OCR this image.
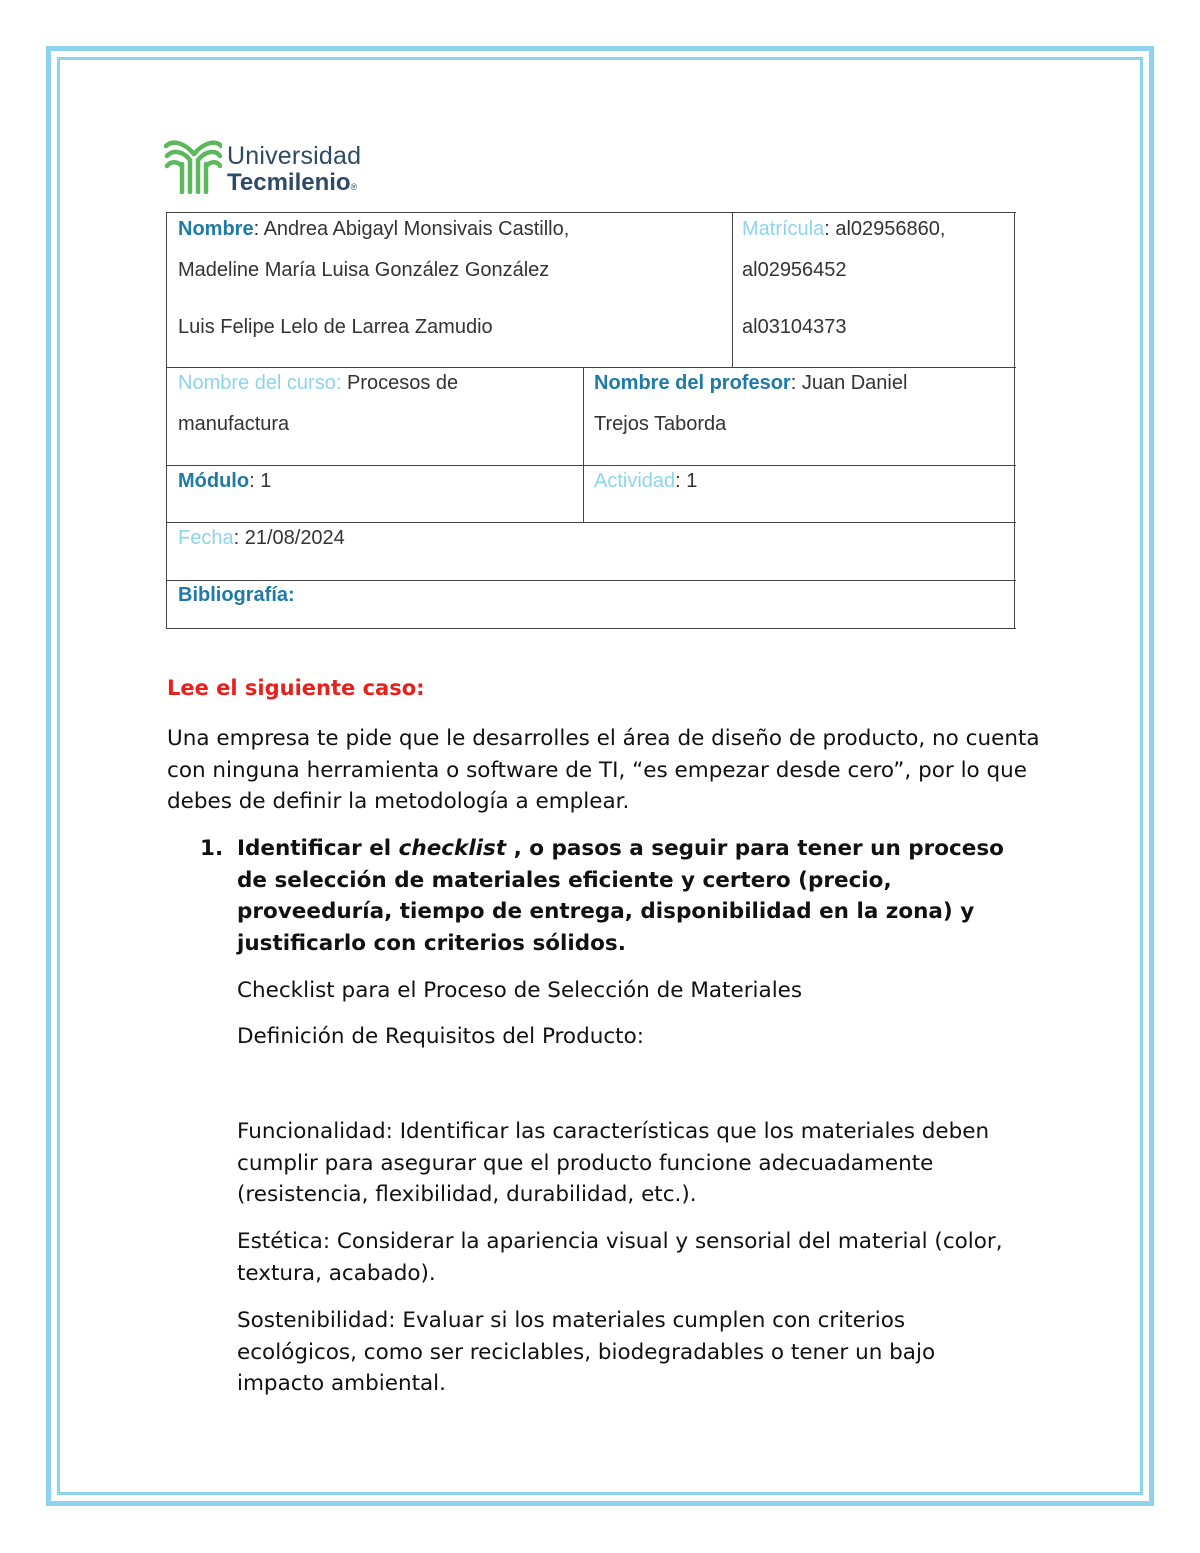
Universidad
Tecmilenio®
Nombre: Andrea Abigayl Monsivais Castillo,
Madeline María Luisa González González
Luis Felipe Lelo de Larrea Zamudio
Matrícula: al02956860,
al02956452
al03104373
Nombre del curso: Procesos de
manufactura
Nombre del profesor: Juan Daniel
Trejos Taborda
Módulo: 1	Actividad: 1
Fecha: 21/08/2024
Bibliografía:
Lee el siguiente caso:
Una empresa te pide que le desarrolles el área de diseño de producto, no cuenta con ninguna herramienta o software de TI, “es empezar desde cero”, por lo que debes de definir la metodología a emplear.
1. Identificar el checklist , o pasos a seguir para tener un proceso de selección de materiales eficiente y certero (precio, proveeduría, tiempo de entrega, disponibilidad en la zona) y justificarlo con criterios sólidos.
Checklist para el Proceso de Selección de Materiales
Definición de Requisitos del Producto:
Funcionalidad: Identificar las características que los materiales deben cumplir para asegurar que el producto funcione adecuadamente (resistencia, flexibilidad, durabilidad, etc.).
Estética: Considerar la apariencia visual y sensorial del material (color, textura, acabado).
Sostenibilidad: Evaluar si los materiales cumplen con criterios ecológicos, como ser reciclables, biodegradables o tener un bajo impacto ambiental.
